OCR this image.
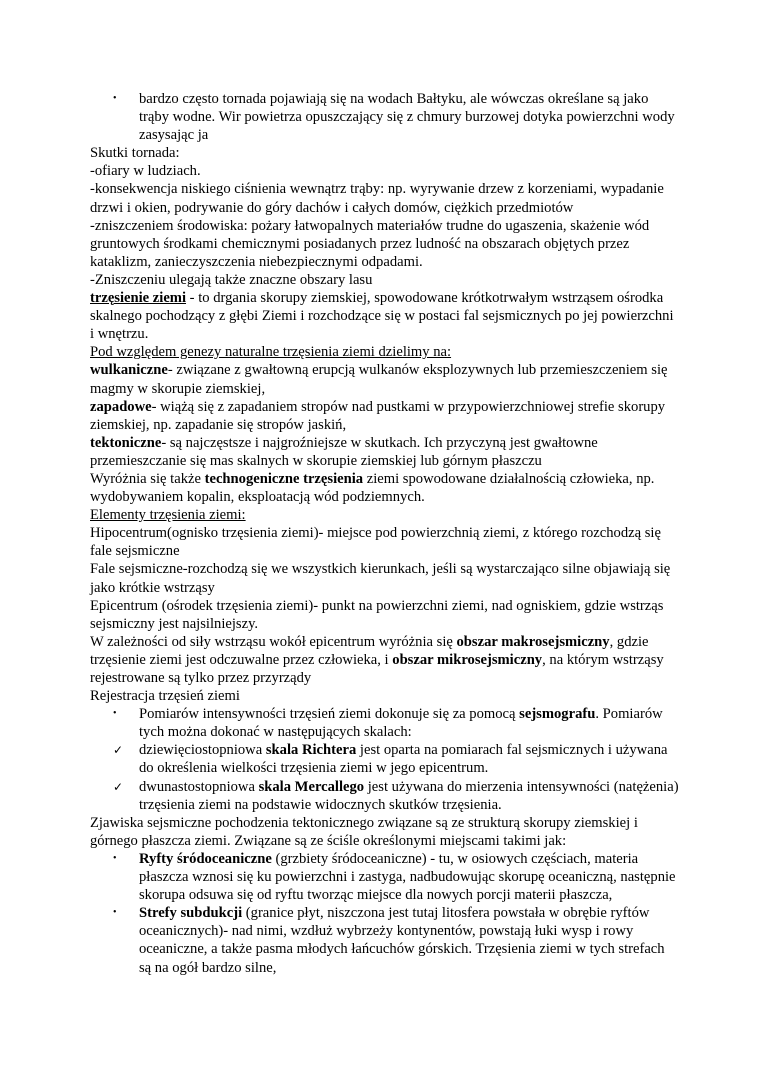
• bardzo często tornada pojawiają się na wodach Bałtyku, ale wówczas określane są jako trąby wodne. Wir powietrza opuszczający się z chmury burzowej dotyka powierzchni wody zasysając ja

Skutki tornada:

-ofiary w ludziach.

-konsekwencja niskiego ciśnienia wewnątrz trąby: np. wyrywanie drzew z korzeniami, wypadanie drzwi i okien, podrywanie do góry dachów i całych domów, ciężkich przedmiotów

-zniszczeniem środowiska: pożary łatwopalnych materiałów trudne do ugaszenia, skażenie wód gruntowych środkami chemicznymi posiadanych przez ludność na obszarach objętych przez kataklizm, zanieczyszczenia niebezpiecznymi odpadami.

-Zniszczeniu ulegają także znaczne obszary lasu

trzęsienie ziemi - to drgania skorupy ziemskiej, spowodowane krótkotrwałym wstrząsem ośrodka skalnego pochodzący z głębi Ziemi i rozchodzące się w postaci fal sejsmicznych po jej powierzchni i wnętrzu.

Pod względem genezy naturalne trzęsienia ziemi dzielimy na:

wulkaniczne- związane z gwałtowną erupcją wulkanów eksplozywnych lub przemieszczeniem się magmy w skorupie ziemskiej,

zapadowe- wiążą się z zapadaniem stropów nad pustkami w przypowierzchniowej strefie skorupy ziemskiej, np. zapadanie się stropów jaskiń,

tektoniczne- są najczęstsze i najgroźniejsze w skutkach. Ich przyczyną jest gwałtowne przemieszczanie się mas skalnych w skorupie ziemskiej lub górnym płaszczu

Wyróżnia się także technogeniczne trzęsienia ziemi spowodowane działalnością człowieka, np. wydobywaniem kopalin, eksploatacją wód podziemnych.

Elementy trzęsienia ziemi:

Hipocentrum(ognisko trzęsienia ziemi)- miejsce pod powierzchnią ziemi, z którego rozchodzą się fale sejsmiczne

Fale sejsmiczne-rozchodzą się we wszystkich kierunkach, jeśli są wystarczająco silne objawiają się jako krótkie wstrząsy

Epicentrum (ośrodek trzęsienia ziemi)- punkt na powierzchni ziemi, nad ogniskiem, gdzie wstrząs sejsmiczny jest najsilniejszy.

W zależności od siły wstrząsu wokół epicentrum wyróżnia się obszar makrosejsmiczny, gdzie trzęsienie ziemi jest odczuwalne przez człowieka, i obszar mikrosejsmiczny, na którym wstrząsy rejestrowane są tylko przez przyrządy

Rejestracja trzęsień ziemi

• Pomiarów intensywności trzęsień ziemi dokonuje się za pomocą sejsmografu. Pomiarów tych można dokonać w następujących skalach:
✓ dziewięciostopniowa skala Richtera jest oparta na pomiarach fal sejsmicznych i używana do określenia wielkości trzęsienia ziemi w jego epicentrum.
✓ dwunastostopniowa skala Mercallego jest używana do mierzenia intensywności (natężenia) trzęsienia ziemi na podstawie widocznych skutków trzęsienia.

Zjawiska sejsmiczne pochodzenia tektonicznego związane są ze strukturą skorupy ziemskiej i górnego płaszcza ziemi. Związane są ze ściśle określonymi miejscami takimi jak:

• Ryfty śródoceaniczne (grzbiety śródoceaniczne) - tu, w osiowych częściach, materia płaszcza wznosi się ku powierzchni i zastyga, nadbudowując skorupę oceaniczną, następnie skorupa odsuwa się od ryftu tworząc miejsce dla nowych porcji materii płaszcza,
• Strefy subdukcji (granice płyt, niszczona jest tutaj litosfera powstała w obrębie ryftów oceanicznych)- nad nimi, wzdłuż wybrzeży kontynentów, powstają łuki wysp i rowy oceaniczne, a także pasma młodych łańcuchów górskich. Trzęsienia ziemi w tych strefach są na ogół bardzo silne,
